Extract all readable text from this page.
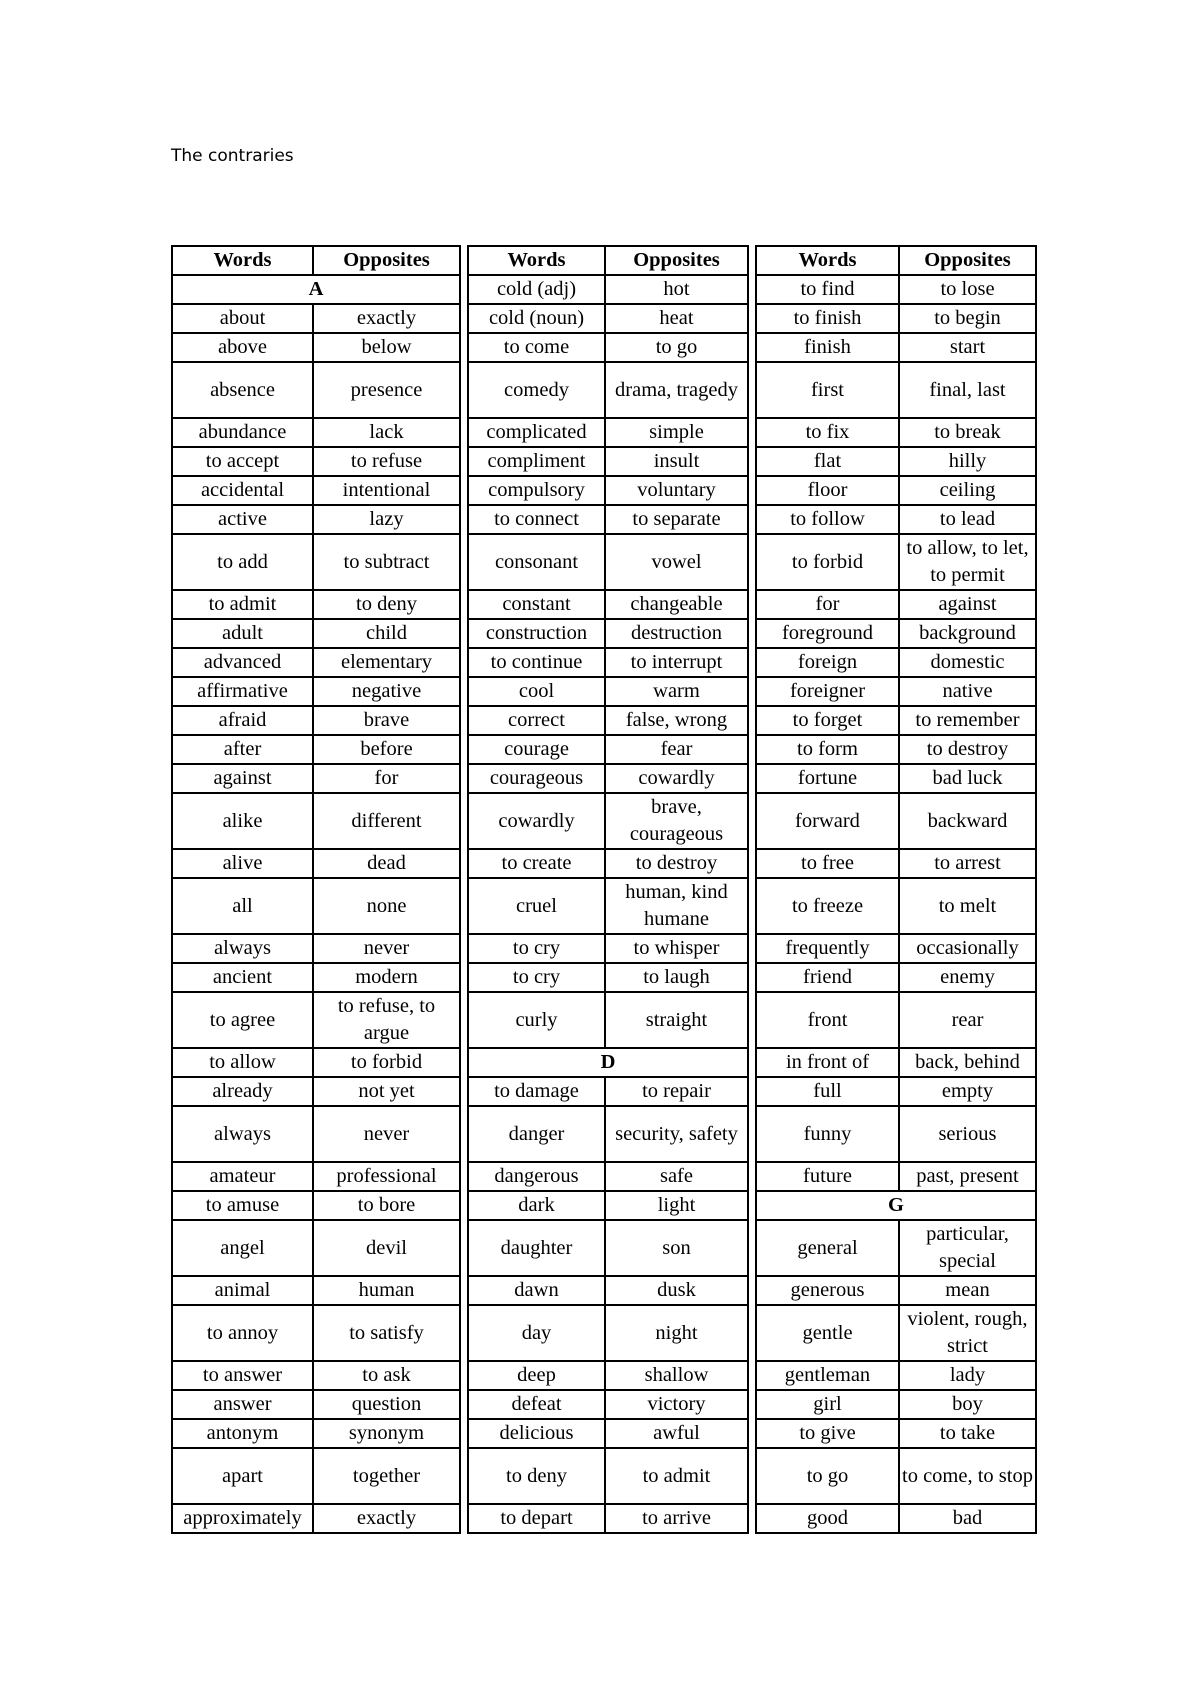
The contraries
Words	Opposites
A	
about	exactly
above	below
absence	presence
abundance	lack
to accept	to refuse
accidental	intentional
active	lazy
to add	to subtract
to admit	to deny
adult	child
advanced	elementary
affirmative	negative
afraid	brave
after	before
against	for
alike	different
alive	dead
all	none
always	never
ancient	modern
to agree	to refuse, to argue
to allow	to forbid
already	not yet
always	never
amateur	professional
to amuse	to bore
angel	devil
animal	human
to annoy	to satisfy
to answer	to ask
answer	question
antonym	synonym
apart	together
approximately	exactly
Words	Opposites
cold (adj)	hot
cold (noun)	heat
to come	to go
comedy	drama, tragedy
complicated	simple
compliment	insult
compulsory	voluntary
to connect	to separate
consonant	vowel
constant	changeable
construction	destruction
to continue	to interrupt
cool	warm
correct	false, wrong
courage	fear
courageous	cowardly
cowardly	brave, courageous
to create	to destroy
cruel	human, kind humane
to cry	to whisper
to cry	to laugh
curly	straight
D	
to damage	to repair
danger	security, safety
dangerous	safe
dark	light
daughter	son
dawn	dusk
day	night
deep	shallow
defeat	victory
delicious	awful
to deny	to admit
to depart	to arrive
Words	Opposites
to find	to lose
to finish	to begin
finish	start
first	final, last
to fix	to break
flat	hilly
floor	ceiling
to follow	to lead
to forbid	to allow, to let, to permit
for	against
foreground	background
foreign	domestic
foreigner	native
to forget	to remember
to form	to destroy
fortune	bad luck
forward	backward
to free	to arrest
to freeze	to melt
frequently	occasionally
friend	enemy
front	rear
in front of	back, behind
full	empty
funny	serious
future	past, present
G	
general	particular, special
generous	mean
gentle	violent, rough, strict
gentleman	lady
girl	boy
to give	to take
to go	to come, to stop
good	bad
